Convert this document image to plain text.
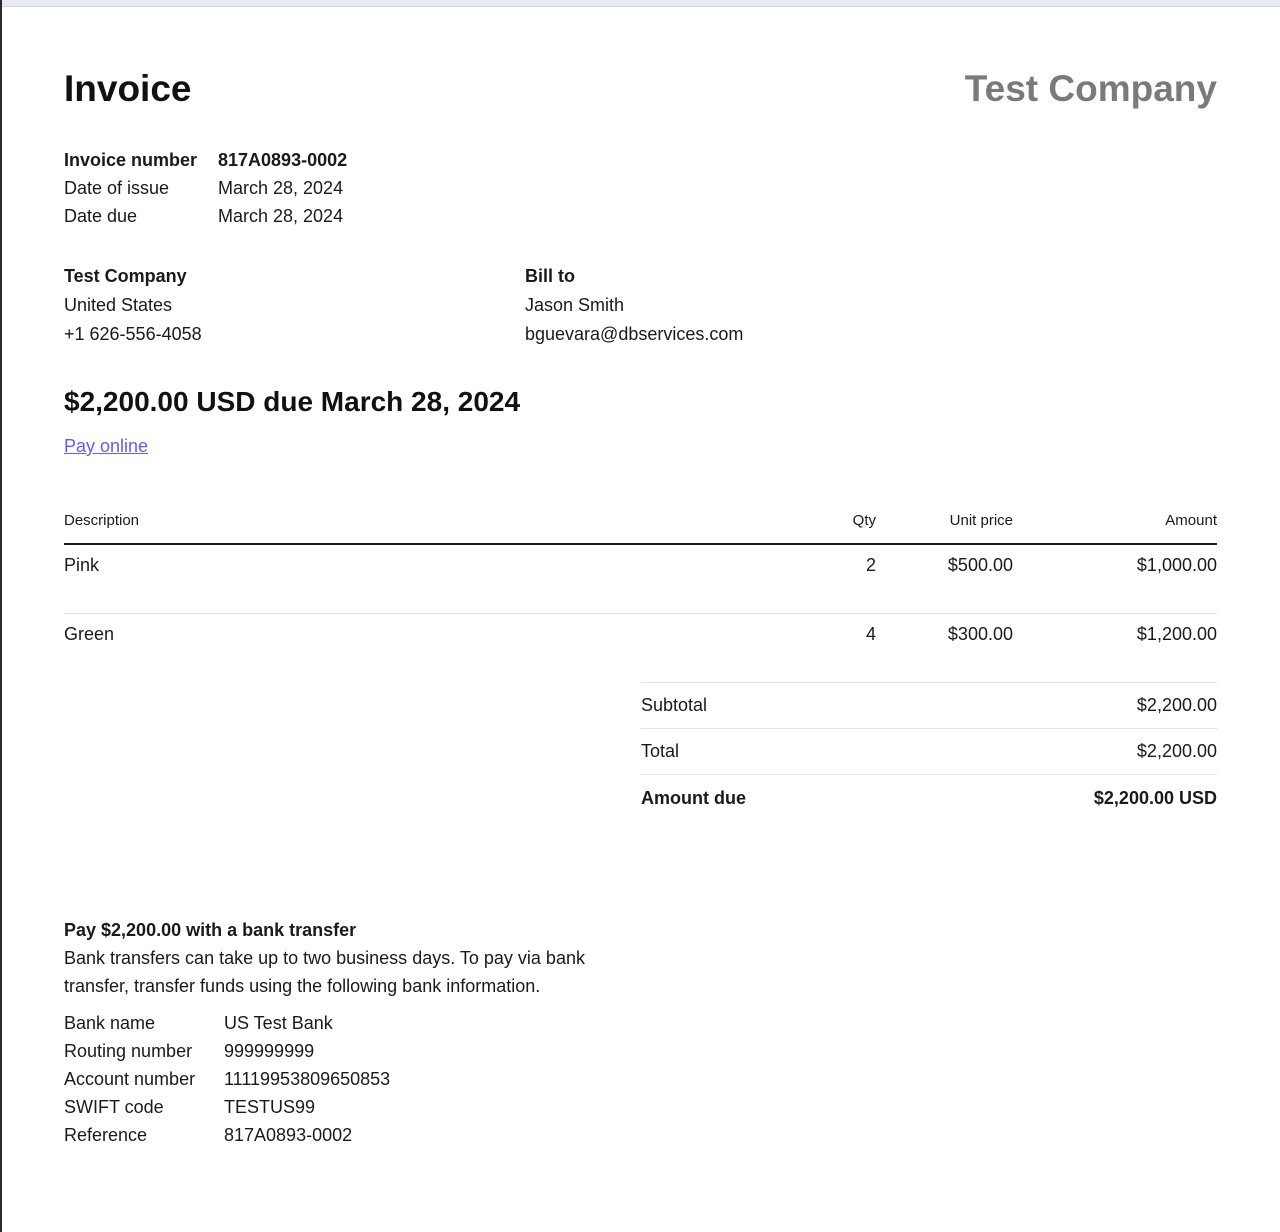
Invoice	Test Company
Invoice number	817A0893-0002
Date of issue	March 28, 2024
Date due	March 28, 2024
Test Company
United States
+1 626-556-4058
Bill to
Jason Smith
bguevara@dbservices.com
$2,200.00 USD due March 28, 2024
Pay online
Description	Qty	Unit price	Amount
Pink	2	$500.00	$1,000.00
Green	4	$300.00	$1,200.00
Subtotal	$2,200.00
Total	$2,200.00
Amount due	$2,200.00 USD
Pay $2,200.00 with a bank transfer

Bank transfers can take up to two business days. To pay via bank transfer, transfer funds using the following bank information.

Bank name	US Test Bank
Routing number	999999999
Account number	11119953809650853
SWIFT code	TESTUS99
Reference	817A0893-0002
